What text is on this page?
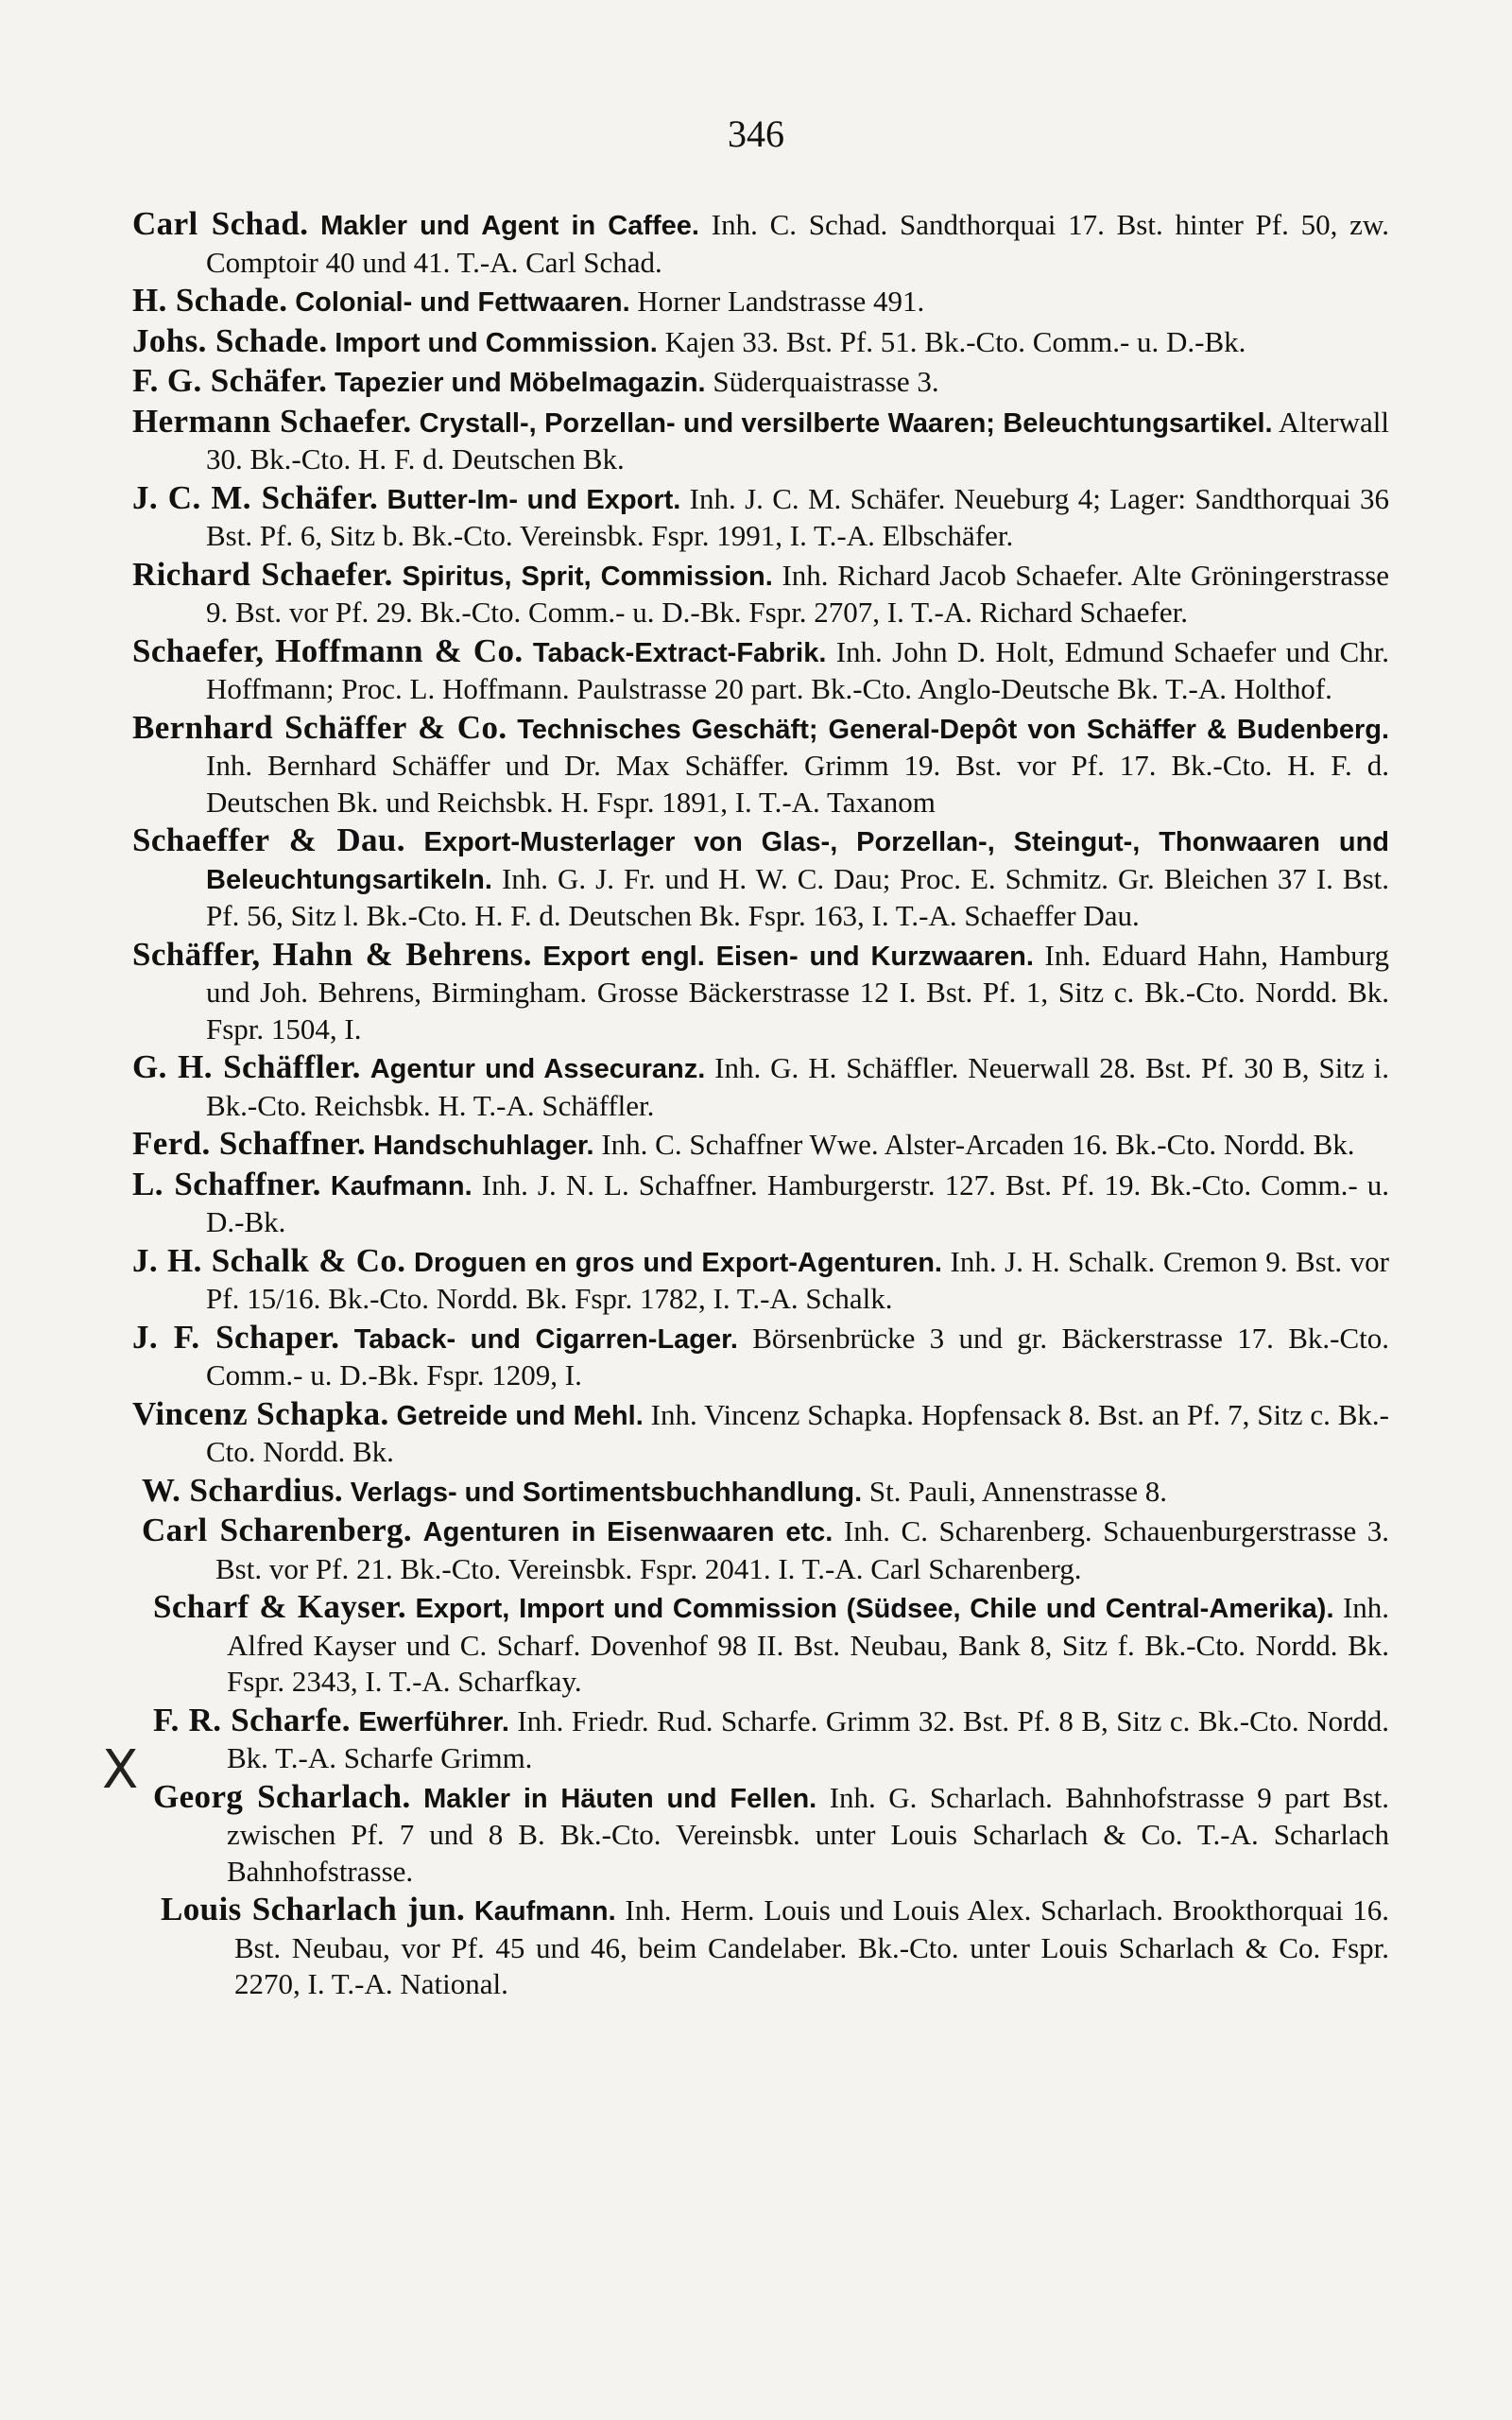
346
X

Carl Schad. Makler und Agent in Caffee. Inh. C. Schad. Sandthorquai 17. Bst. hinter Pf. 50, zw. Comptoir 40 und 41. T.-A. Carl Schad.

H. Schade. Colonial- und Fettwaaren. Horner Landstrasse 491.

Johs. Schade. Import und Commission. Kajen 33. Bst. Pf. 51. Bk.-Cto. Comm.- u. D.-Bk.

F. G. Schäfer. Tapezier und Möbelmagazin. Süderquaistrasse 3.

Hermann Schaefer. Crystall-, Porzellan- und versilberte Waaren; Beleuchtungsartikel. Alterwall 30. Bk.-Cto. H. F. d. Deutschen Bk.

J. C. M. Schäfer. Butter-Im- und Export. Inh. J. C. M. Schäfer. Neueburg 4; Lager: Sandthorquai 36 Bst. Pf. 6, Sitz b. Bk.-Cto. Vereinsbk. Fspr. 1991, I. T.-A. Elbschäfer.

Richard Schaefer. Spiritus, Sprit, Commission. Inh. Richard Jacob Schaefer. Alte Gröningerstrasse 9. Bst. vor Pf. 29. Bk.-Cto. Comm.- u. D.-Bk. Fspr. 2707, I. T.-A. Richard Schaefer.

Schaefer, Hoffmann & Co. Taback-Extract-Fabrik. Inh. John D. Holt, Edmund Schaefer und Chr. Hoffmann; Proc. L. Hoffmann. Paulstrasse 20 part. Bk.-Cto. Anglo-Deutsche Bk. T.-A. Holthof.

Bernhard Schäffer & Co. Technisches Geschäft; General-Depôt von Schäffer & Budenberg. Inh. Bernhard Schäffer und Dr. Max Schäffer. Grimm 19. Bst. vor Pf. 17. Bk.-Cto. H. F. d. Deutschen Bk. und Reichsbk. H. Fspr. 1891, I. T.-A. Taxanom

Schaeffer & Dau. Export-Musterlager von Glas-, Porzellan-, Steingut-, Thonwaaren und Beleuchtungsartikeln. Inh. G. J. Fr. und H. W. C. Dau; Proc. E. Schmitz. Gr. Bleichen 37 I. Bst. Pf. 56, Sitz l. Bk.-Cto. H. F. d. Deutschen Bk. Fspr. 163, I. T.-A. Schaeffer Dau.

Schäffer, Hahn & Behrens. Export engl. Eisen- und Kurzwaaren. Inh. Eduard Hahn, Hamburg und Joh. Behrens, Birmingham. Grosse Bäckerstrasse 12 I. Bst. Pf. 1, Sitz c. Bk.-Cto. Nordd. Bk. Fspr. 1504, I.

G. H. Schäffler. Agentur und Assecuranz. Inh. G. H. Schäffler. Neuerwall 28. Bst. Pf. 30 B, Sitz i. Bk.-Cto. Reichsbk. H. T.-A. Schäffler.

Ferd. Schaffner. Handschuhlager. Inh. C. Schaffner Wwe. Alster-Arcaden 16. Bk.-Cto. Nordd. Bk.

L. Schaffner. Kaufmann. Inh. J. N. L. Schaffner. Hamburgerstr. 127. Bst. Pf. 19. Bk.-Cto. Comm.- u. D.-Bk.

J. H. Schalk & Co. Droguen en gros und Export-Agenturen. Inh. J. H. Schalk. Cremon 9. Bst. vor Pf. 15/16. Bk.-Cto. Nordd. Bk. Fspr. 1782, I. T.-A. Schalk.

J. F. Schaper. Taback- und Cigarren-Lager. Börsenbrücke 3 und gr. Bäckerstrasse 17. Bk.-Cto. Comm.- u. D.-Bk. Fspr. 1209, I.

Vincenz Schapka. Getreide und Mehl. Inh. Vincenz Schapka. Hopfensack 8. Bst. an Pf. 7, Sitz c. Bk.-Cto. Nordd. Bk.

W. Schardius. Verlags- und Sortimentsbuchhandlung. St. Pauli, Annenstrasse 8.

Carl Scharenberg. Agenturen in Eisenwaaren etc. Inh. C. Scharenberg. Schauenburgerstrasse 3. Bst. vor Pf. 21. Bk.-Cto. Vereinsbk. Fspr. 2041. I. T.-A. Carl Scharenberg.

Scharf & Kayser. Export, Import und Commission (Südsee, Chile und Central-Amerika). Inh. Alfred Kayser und C. Scharf. Dovenhof 98 II. Bst. Neubau, Bank 8, Sitz f. Bk.-Cto. Nordd. Bk. Fspr. 2343, I. T.-A. Scharfkay.

F. R. Scharfe. Ewerführer. Inh. Friedr. Rud. Scharfe. Grimm 32. Bst. Pf. 8 B, Sitz c. Bk.-Cto. Nordd. Bk. T.-A. Scharfe Grimm.

Georg Scharlach. Makler in Häuten und Fellen. Inh. G. Scharlach. Bahnhofstrasse 9 part Bst. zwischen Pf. 7 und 8 B. Bk.-Cto. Vereinsbk. unter Louis Scharlach & Co. T.-A. Scharlach Bahnhofstrasse.

Louis Scharlach jun. Kaufmann. Inh. Herm. Louis und Louis Alex. Scharlach. Brookthorquai 16. Bst. Neubau, vor Pf. 45 und 46, beim Candelaber. Bk.-Cto. unter Louis Scharlach & Co. Fspr. 2270, I. T.-A. National.
